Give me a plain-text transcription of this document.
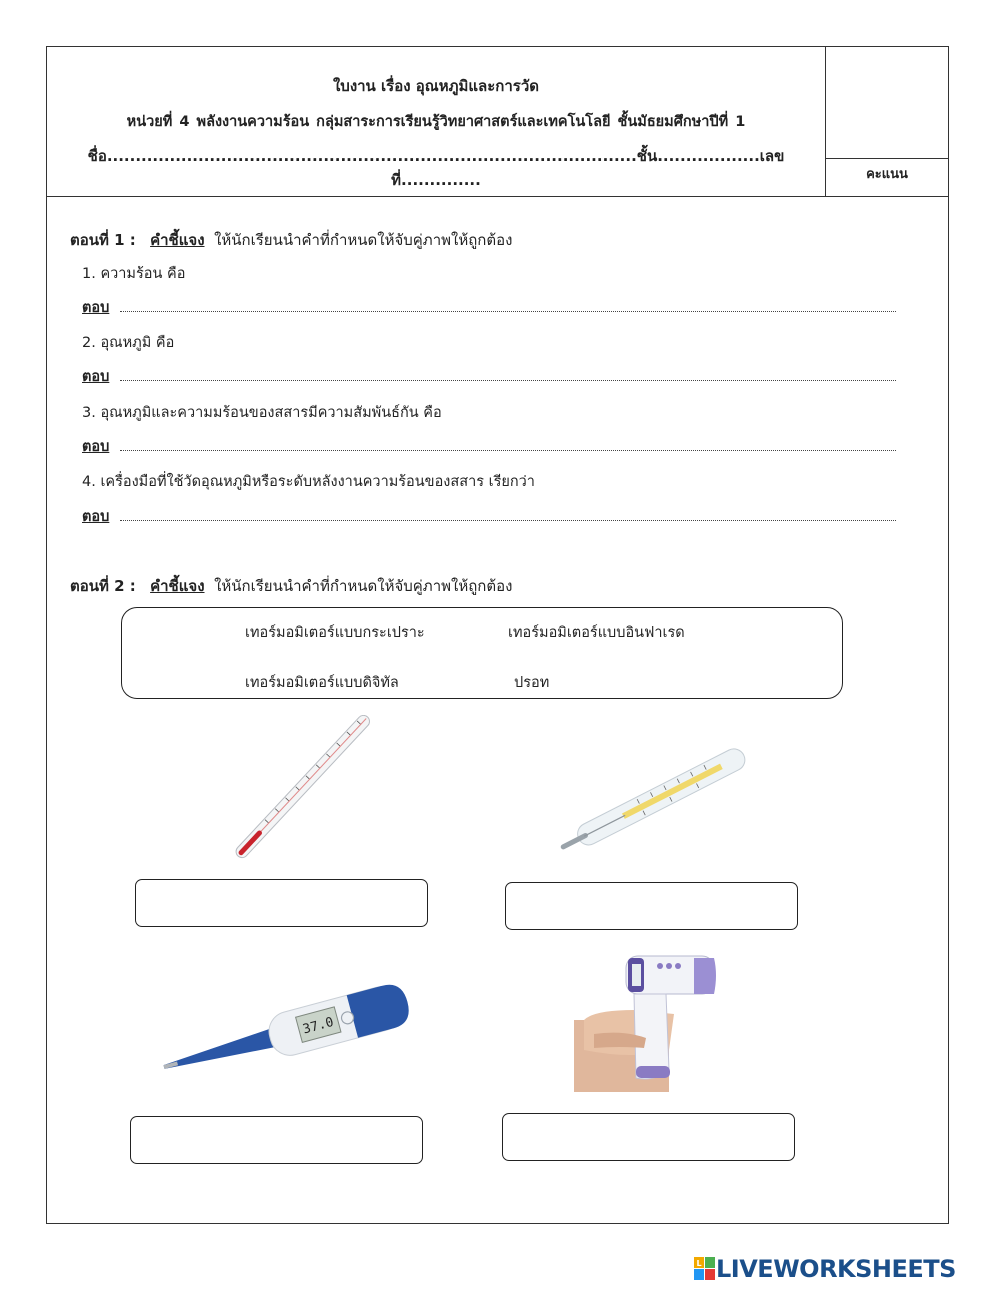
คะแนน
ใบงาน เรื่อง อุณหภูมิและการวัด
หน่วยที่ 4 พลังงานความร้อน กลุ่มสาระการเรียนรู้วิทยาศาสตร์และเทคโนโลยี ชั้นมัธยมศึกษาปีที่ 1
ชื่อ.............................................................................................ชั้น..................เลขที่..............
ตอนที่ 1 : คำชี้แจง ให้นักเรียนนำคำที่กำหนดให้จับคู่ภาพให้ถูกต้อง
1. ความร้อน คือ
ตอบ
2. อุณหภูมิ คือ
ตอบ
3. อุณหภูมิและความมร้อนของสสารมีความสัมพันธ์กัน คือ
ตอบ
4. เครื่องมือที่ใช้วัดอุณหภูมิหรือระดับหลังงานความร้อนของสสาร เรียกว่า
ตอบ
ตอนที่ 2 : คำชี้แจง ให้นักเรียนนำคำที่กำหนดให้จับคู่ภาพให้ถูกต้อง
เทอร์มอมิเตอร์แบบกระเปราะ	เทอร์มอมิเตอร์แบบอินฟาเรด
เทอร์มอมิเตอร์แบบดิจิทัล	ปรอท
37.0
L LIVEWORKSHEETS
